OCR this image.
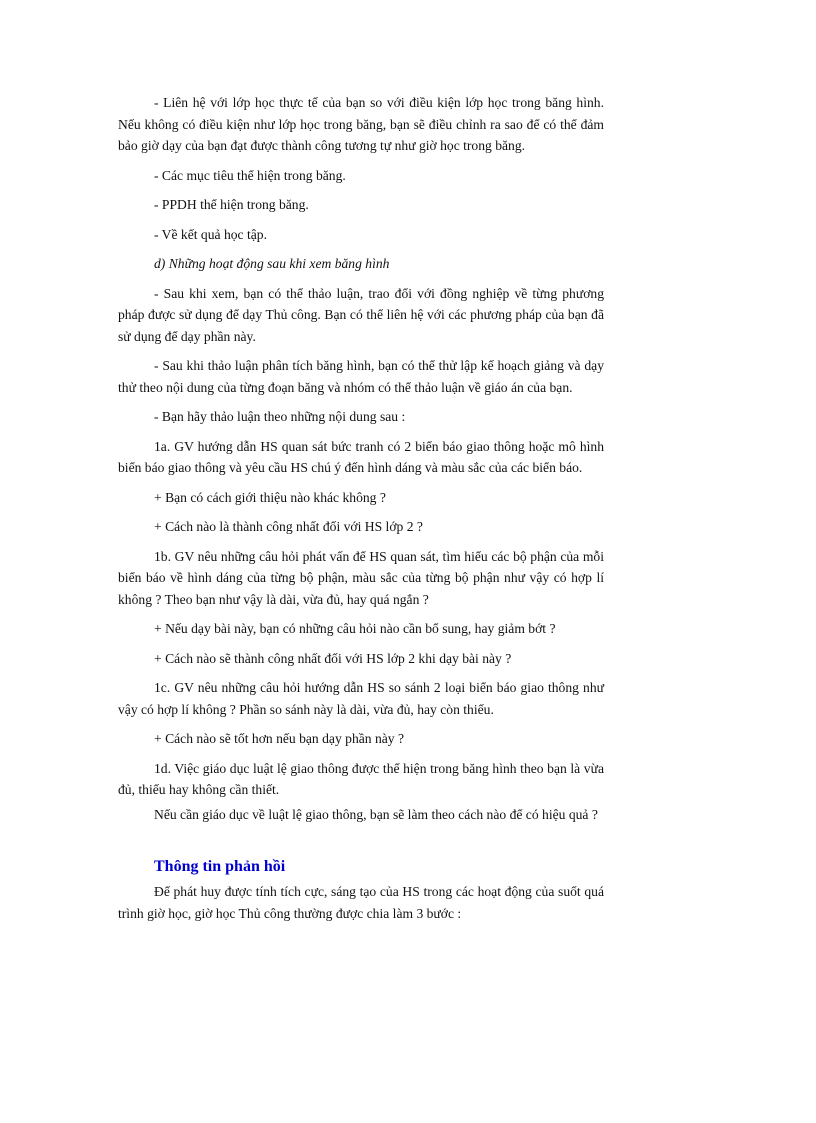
- Liên hệ với lớp học thực tế của bạn so với điều kiện lớp học trong băng hình. Nếu không có điều kiện như lớp học trong băng, bạn sẽ điều chỉnh ra sao để có thể đảm bảo giờ dạy của bạn đạt được thành công tương tự như giờ học trong băng.

- Các mục tiêu thể hiện trong băng.

- PPDH thể hiện trong băng.

- Về kết quả học tập.

d) Những hoạt động sau khi xem băng hình

- Sau khi xem, bạn có thể thảo luận, trao đổi với đồng nghiệp về từng phương pháp được sử dụng để dạy Thủ công. Bạn có thể liên hệ với các phương pháp của bạn đã sử dụng để dạy phần này.

- Sau khi thảo luận phân tích băng hình, bạn có thể thử lập kế hoạch giảng và dạy thử theo nội dung của từng đoạn băng và nhóm có thể thảo luận về giáo án của bạn.

- Bạn hãy thảo luận theo những nội dung sau :

1a. GV hướng dẫn HS quan sát bức tranh có 2 biển báo giao thông hoặc mô hình biển báo giao thông và yêu cầu HS chú ý đến hình dáng và màu sắc của các biển báo.

+ Bạn có cách giới thiệu nào khác không ?

+ Cách nào là thành công nhất đối với HS lớp 2 ?

1b. GV nêu những câu hỏi phát vấn để HS quan sát, tìm hiểu các bộ phận của mỗi biển báo về hình dáng của từng bộ phận, màu sắc của từng bộ phận như vậy có hợp lí không ? Theo bạn như vậy là dài, vừa đủ, hay quá ngắn ?

+ Nếu dạy bài này, bạn có những câu hỏi nào cần bổ sung, hay giảm bớt ?

+ Cách nào sẽ thành công nhất đối với HS lớp 2 khi dạy bài này ?

1c. GV nêu những câu hỏi hướng dẫn HS so sánh 2 loại biển báo giao thông như vậy có hợp lí không ? Phần so sánh này là dài, vừa đủ, hay còn thiếu.

+ Cách nào sẽ tốt hơn nếu bạn dạy phần này ?

1d. Việc giáo dục luật lệ giao thông được thể hiện trong băng hình theo bạn là vừa đủ, thiếu hay không cần thiết.

Nếu cần giáo dục về luật lệ giao thông, bạn sẽ làm theo cách nào để có hiệu quả ?

Thông tin phản hồi

Để phát huy được tính tích cực, sáng tạo của HS trong các hoạt động của suốt quá trình giờ học, giờ học Thủ công thường được chia làm 3 bước :
